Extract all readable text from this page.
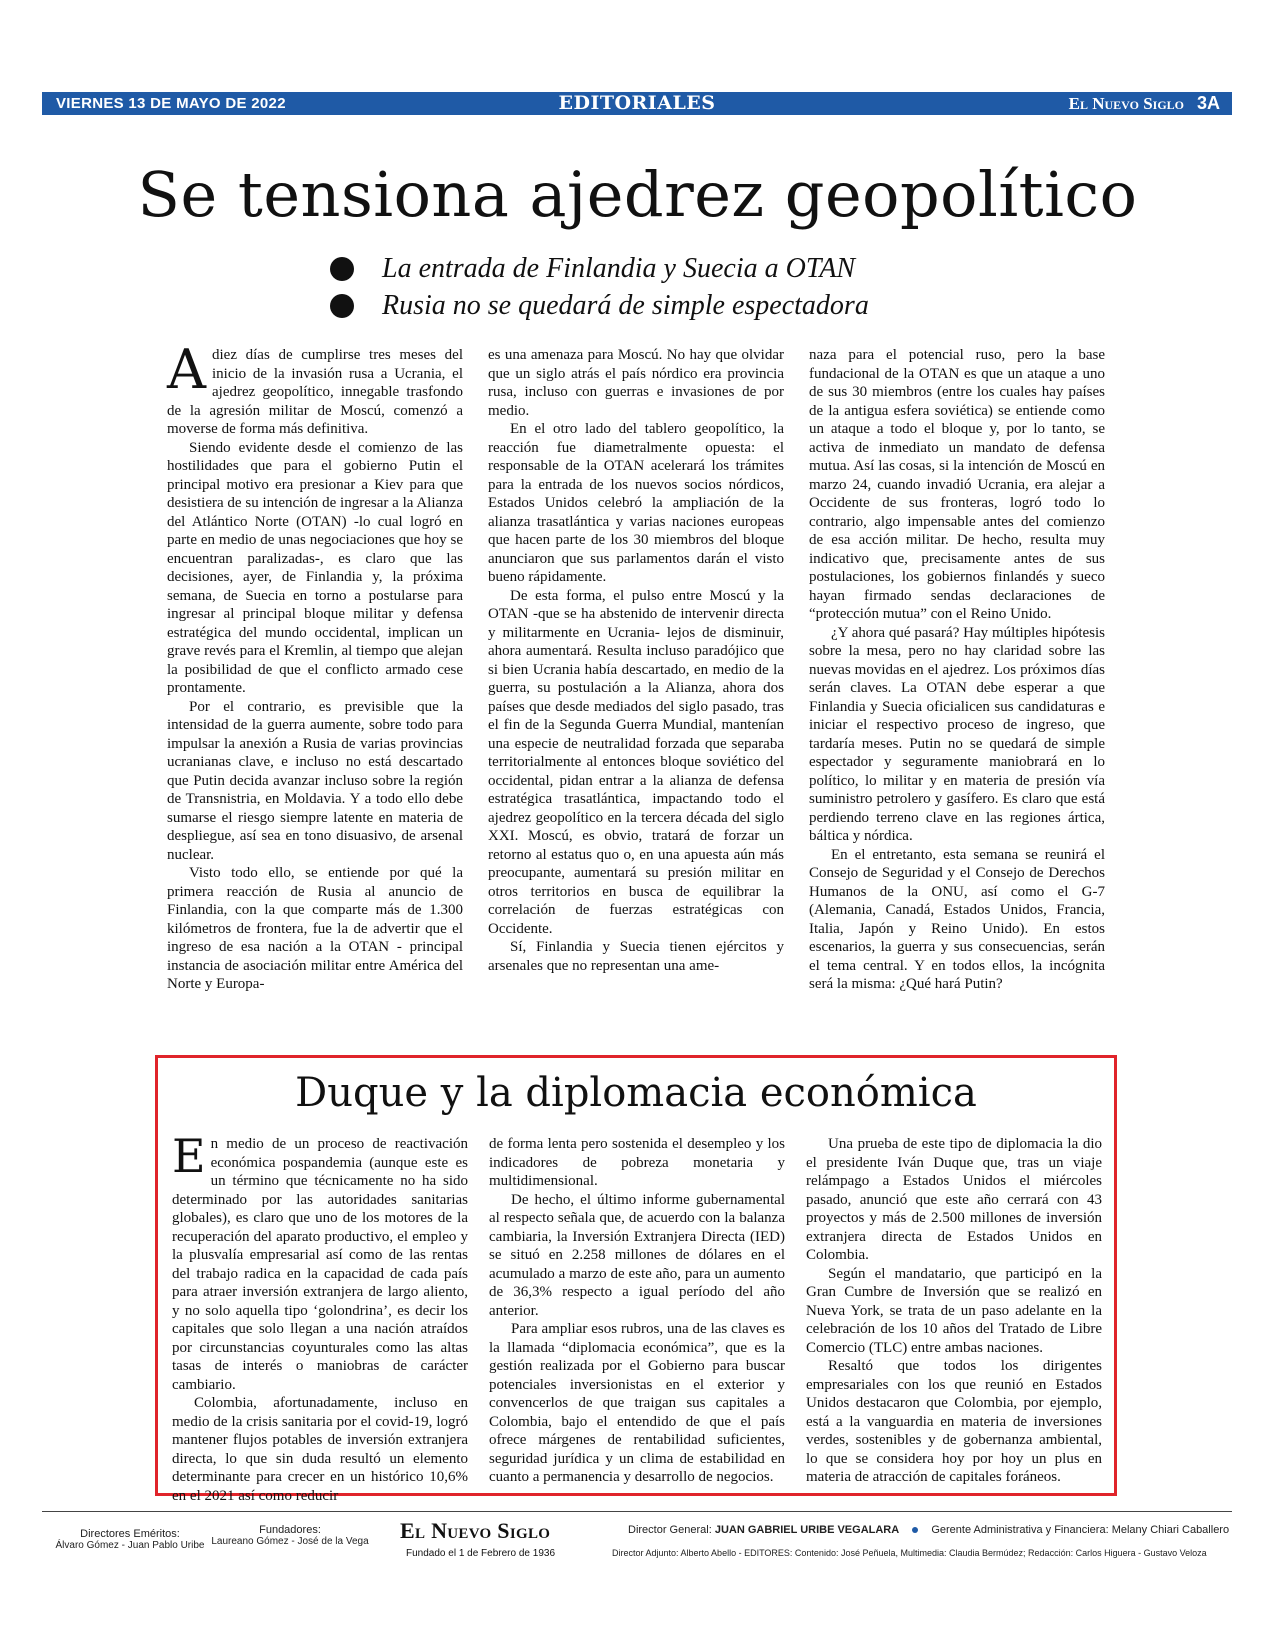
VIERNES 13 DE MAYO DE 2022	EDITORIALES	El Nuevo Siglo 3A
Se tensiona ajedrez geopolítico
La entrada de Finlandia y Suecia a OTAN
Rusia no se quedará de simple espectadora

Adiez días de cumplirse tres meses del inicio de la invasión rusa a Ucrania, el ajedrez geopolítico, innegable trasfondo de la agresión militar de Moscú, comenzó a moverse de forma más definitiva.

Siendo evidente desde el comienzo de las hostilidades que para el gobierno Putin el principal motivo era presionar a Kiev para que desistiera de su intención de ingresar a la Alianza del Atlántico Norte (OTAN) -lo cual logró en parte en medio de unas negociaciones que hoy se encuentran paralizadas-, es claro que las decisiones, ayer, de Finlandia y, la próxima semana, de Suecia en torno a postularse para ingresar al principal bloque militar y defensa estratégica del mundo occidental, implican un grave revés para el Kremlin, al tiempo que alejan la posibilidad de que el conflicto armado cese prontamente.

Por el contrario, es previsible que la intensidad de la guerra aumente, sobre todo para impulsar la anexión a Rusia de varias provincias ucranianas clave, e incluso no está descartado que Putin decida avanzar incluso sobre la región de Transnistria, en Moldavia. Y a todo ello debe sumarse el riesgo siempre latente en materia de despliegue, así sea en tono disuasivo, de arsenal nuclear.

Visto todo ello, se entiende por qué la primera reacción de Rusia al anuncio de Finlandia, con la que comparte más de 1.300 kilómetros de frontera, fue la de advertir que el ingreso de esa nación a la OTAN - principal instancia de asociación militar entre América del Norte y Europa-

es una amenaza para Moscú. No hay que olvidar que un siglo atrás el país nórdico era provincia rusa, incluso con guerras e invasiones de por medio.

En el otro lado del tablero geopolítico, la reacción fue diametralmente opuesta: el responsable de la OTAN acelerará los trámites para la entrada de los nuevos socios nórdicos, Estados Unidos celebró la ampliación de la alianza trasatlántica y varias naciones europeas que hacen parte de los 30 miembros del bloque anunciaron que sus parlamentos darán el visto bueno rápidamente.

De esta forma, el pulso entre Moscú y la OTAN -que se ha abstenido de intervenir directa y militarmente en Ucrania- lejos de disminuir, ahora aumentará. Resulta incluso paradójico que si bien Ucrania había descartado, en medio de la guerra, su postulación a la Alianza, ahora dos países que desde mediados del siglo pasado, tras el fin de la Segunda Guerra Mundial, mantenían una especie de neutralidad forzada que separaba territorialmente al entonces bloque soviético del occidental, pidan entrar a la alianza de defensa estratégica trasatlántica, impactando todo el ajedrez geopolítico en la tercera década del siglo XXI. Moscú, es obvio, tratará de forzar un retorno al estatus quo o, en una apuesta aún más preocupante, aumentará su presión militar en otros territorios en busca de equilibrar la correlación de fuerzas estratégicas con Occidente.

Sí, Finlandia y Suecia tienen ejércitos y arsenales que no representan una ame-

naza para el potencial ruso, pero la base fundacional de la OTAN es que un ataque a uno de sus 30 miembros (entre los cuales hay países de la antigua esfera soviética) se entiende como un ataque a todo el bloque y, por lo tanto, se activa de inmediato un mandato de defensa mutua. Así las cosas, si la intención de Moscú en marzo 24, cuando invadió Ucrania, era alejar a Occidente de sus fronteras, logró todo lo contrario, algo impensable antes del comienzo de esa acción militar. De hecho, resulta muy indicativo que, precisamente antes de sus postulaciones, los gobiernos finlandés y sueco hayan firmado sendas declaraciones de “protección mutua” con el Reino Unido.

¿Y ahora qué pasará? Hay múltiples hipótesis sobre la mesa, pero no hay claridad sobre las nuevas movidas en el ajedrez. Los próximos días serán claves. La OTAN debe esperar a que Finlandia y Suecia oficialicen sus candidaturas e iniciar el respectivo proceso de ingreso, que tardaría meses. Putin no se quedará de simple espectador y seguramente maniobrará en lo político, lo militar y en materia de presión vía suministro petrolero y gasífero. Es claro que está perdiendo terreno clave en las regiones ártica, báltica y nórdica.

En el entretanto, esta semana se reunirá el Consejo de Seguridad y el Consejo de Derechos Humanos de la ONU, así como el G-7 (Alemania, Canadá, Estados Unidos, Francia, Italia, Japón y Reino Unido). En estos escenarios, la guerra y sus consecuencias, serán el tema central. Y en todos ellos, la incógnita será la misma: ¿Qué hará Putin?

Duque y la diplomacia económica

En medio de un proceso de reactivación económica pospandemia (aunque este es un término que técnicamente no ha sido determinado por las autoridades sanitarias globales), es claro que uno de los motores de la recuperación del aparato productivo, el empleo y la plusvalía empresarial así como de las rentas del trabajo radica en la capacidad de cada país para atraer inversión extranjera de largo aliento, y no solo aquella tipo ‘golondrina’, es decir los capitales que solo llegan a una nación atraídos por circunstancias coyunturales como las altas tasas de interés o maniobras de carácter cambiario.

Colombia, afortunadamente, incluso en medio de la crisis sanitaria por el covid-19, logró mantener flujos potables de inversión extranjera directa, lo que sin duda resultó un elemento determinante para crecer en un histórico 10,6% en el 2021 así como reducir

de forma lenta pero sostenida el desempleo y los indicadores de pobreza monetaria y multidimensional.

De hecho, el último informe gubernamental al respecto señala que, de acuerdo con la balanza cambiaria, la Inversión Extranjera Directa (IED) se situó en 2.258 millones de dólares en el acumulado a marzo de este año, para un aumento de 36,3% respecto a igual período del año anterior.

Para ampliar esos rubros, una de las claves es la llamada “diplomacia económica”, que es la gestión realizada por el Gobierno para buscar potenciales inversionistas en el exterior y convencerlos de que traigan sus capitales a Colombia, bajo el entendido de que el país ofrece márgenes de rentabilidad suficientes, seguridad jurídica y un clima de estabilidad en cuanto a permanencia y desarrollo de negocios.

Una prueba de este tipo de diplomacia la dio el presidente Iván Duque que, tras un viaje relámpago a Estados Unidos el miércoles pasado, anunció que este año cerrará con 43 proyectos y más de 2.500 millones de inversión extranjera directa de Estados Unidos en Colombia.

Según el mandatario, que participó en la Gran Cumbre de Inversión que se realizó en Nueva York, se trata de un paso adelante en la celebración de los 10 años del Tratado de Libre Comercio (TLC) entre ambas naciones.

Resaltó que todos los dirigentes empresariales con los que reunió en Estados Unidos destacaron que Colombia, por ejemplo, está a la vanguardia en materia de inversiones verdes, sostenibles y de gobernanza ambiental, lo que se considera hoy por hoy un plus en materia de atracción de capitales foráneos.

Directores Eméritos:
Álvaro Gómez - Juan Pablo Uribe
Fundadores:
Laureano Gómez - José de la Vega El Nuevo Siglo
Fundado el 1 de Febrero de 1936
Director General: JUAN GABRIEL URIBE VEGALARA	Gerente Administrativa y Financiera: Melany Chiari Caballero
Director Adjunto: Alberto Abello - EDITORES: Contenido: José Peñuela, Multimedia: Claudia Bermúdez; Redacción: Carlos Higuera - Gustavo Veloza
